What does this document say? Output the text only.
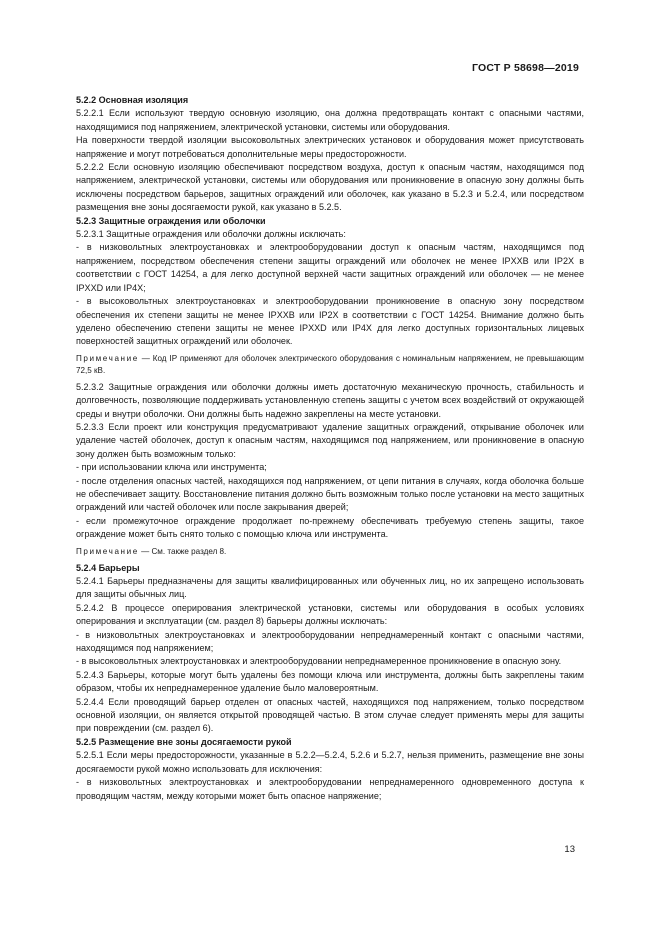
ГОСТ Р 58698—2019

5.2.2 Основная изоляция

5.2.2.1 Если используют твердую основную изоляцию, она должна предотвращать контакт с опасными частями, находящимися под напряжением, электрической установки, системы или оборудования.

На поверхности твердой изоляции высоковольтных электрических установок и оборудования может присутствовать напряжение и могут потребоваться дополнительные меры предосторожности.

5.2.2.2 Если основную изоляцию обеспечивают посредством воздуха, доступ к опасным частям, находящимся под напряжением, электрической установки, системы или оборудования или проникновение в опасную зону должны быть исключены посредством барьеров, защитных ограждений или оболочек, как указано в 5.2.3 и 5.2.4, или посредством размещения вне зоны досягаемости рукой, как указано в 5.2.5.

5.2.3 Защитные ограждения или оболочки

5.2.3.1 Защитные ограждения или оболочки должны исключать:

- в низковольтных электроустановках и электрооборудовании доступ к опасным частям, находящимся под напряжением, посредством обеспечения степени защиты ограждений или оболочек не менее IPXXB или IP2X в соответствии с ГОСТ 14254, а для легко доступной верхней части защитных ограждений или оболочек — не менее IPXXD или IP4X;

- в высоковольтных электроустановках и электрооборудовании проникновение в опасную зону посредством обеспечения их степени защиты не менее IPXXB или IP2X в соответствии с ГОСТ 14254. Внимание должно быть уделено обеспечению степени защиты не менее IPXXD или IP4X для легко доступных горизонтальных лицевых поверхностей защитных ограждений или оболочек.

Примечание — Код IP применяют для оболочек электрического оборудования с номинальным напряжением, не превышающим 72,5 кВ.

5.2.3.2 Защитные ограждения или оболочки должны иметь достаточную механическую прочность, стабильность и долговечность, позволяющие поддерживать установленную степень защиты с учетом всех воздействий от окружающей среды и внутри оболочки. Они должны быть надежно закреплены на месте установки.

5.2.3.3 Если проект или конструкция предусматривают удаление защитных ограждений, открывание оболочек или удаление частей оболочек, доступ к опасным частям, находящимся под напряжением, или проникновение в опасную зону должен быть возможным только:

- при использовании ключа или инструмента;

- после отделения опасных частей, находящихся под напряжением, от цепи питания в случаях, когда оболочка больше не обеспечивает защиту. Восстановление питания должно быть возможным только после установки на место защитных ограждений или частей оболочек или после закрывания дверей;

- если промежуточное ограждение продолжает по-прежнему обеспечивать требуемую степень защиты, такое ограждение может быть снято только с помощью ключа или инструмента.

Примечание — См. также раздел 8.

5.2.4 Барьеры

5.2.4.1 Барьеры предназначены для защиты квалифицированных или обученных лиц, но их запрещено использовать для защиты обычных лиц.

5.2.4.2 В процессе оперирования электрической установки, системы или оборудования в особых условиях оперирования и эксплуатации (см. раздел 8) барьеры должны исключать:

- в низковольтных электроустановках и электрооборудовании непреднамеренный контакт с опасными частями, находящимся под напряжением;

- в высоковольтных электроустановках и электрооборудовании непреднамеренное проникновение в опасную зону.

5.2.4.3 Барьеры, которые могут быть удалены без помощи ключа или инструмента, должны быть закреплены таким образом, чтобы их непреднамеренное удаление было маловероятным.

5.2.4.4 Если проводящий барьер отделен от опасных частей, находящихся под напряжением, только посредством основной изоляции, он является открытой проводящей частью. В этом случае следует применять меры для защиты при повреждении (см. раздел 6).

5.2.5 Размещение вне зоны досягаемости рукой

5.2.5.1 Если меры предосторожности, указанные в 5.2.2—5.2.4, 5.2.6 и 5.2.7, нельзя применить, размещение вне зоны досягаемости рукой можно использовать для исключения:

- в низковольтных электроустановках и электрооборудовании непреднамеренного одновременного доступа к проводящим частям, между которыми может быть опасное напряжение;

13
